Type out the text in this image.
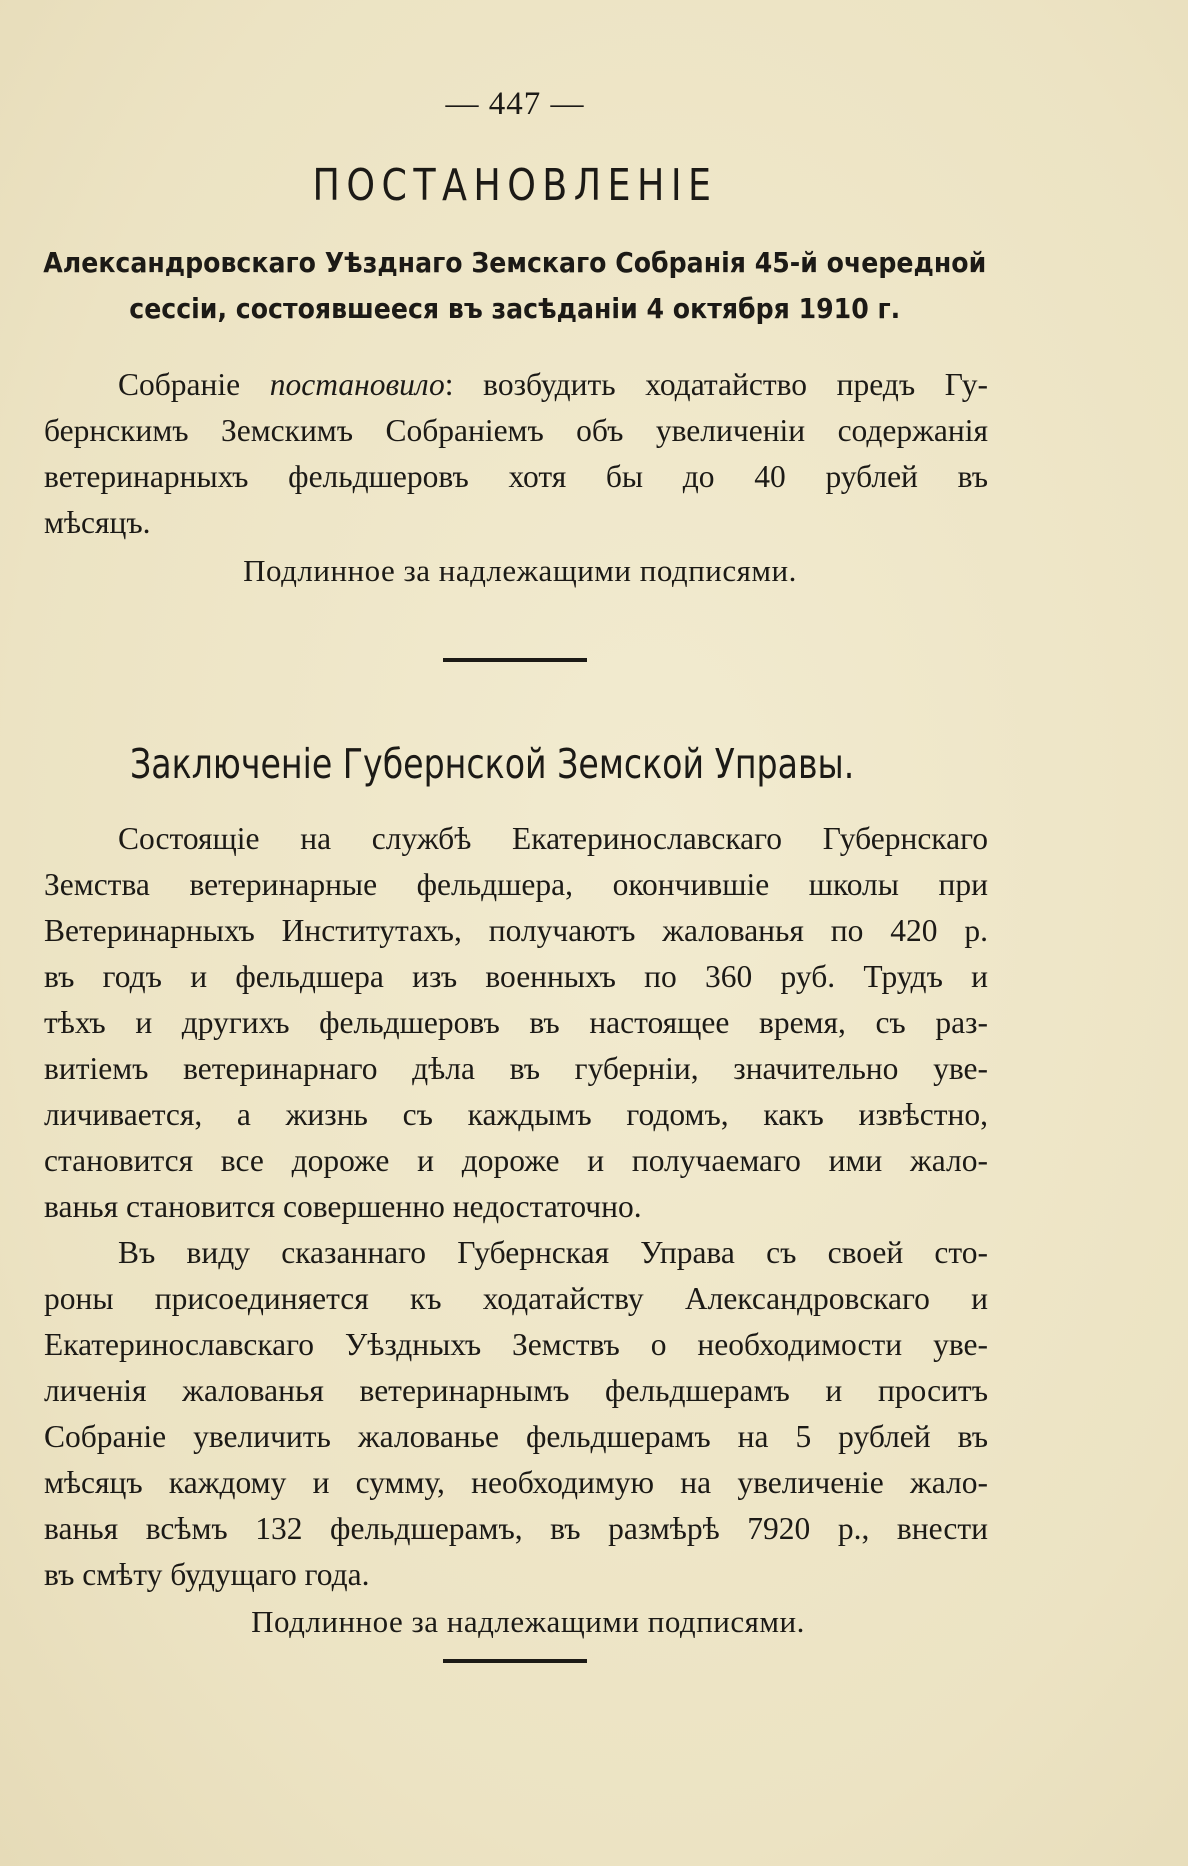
— 447 —
ПОСТАНОВЛЕНІЕ
Александровскаго Уѣзднаго Земскаго Собранія 45-й очередной
сессіи, состоявшееся въ засѣданіи 4 октября 1910 г.
Собраніе постановило: возбудить ходатайство предъ Гу-
бернскимъ Земскимъ Собраніемъ объ увеличеніи содержанія
ветеринарныхъ фельдшеровъ хотя бы до 40 рублей въ
мѣсяцъ.
Подлинное за надлежащими подписями.
Заключеніе Губернской Земской Управы.
Состоящіе на службѣ Екатеринославскаго Губернскаго
Земства ветеринарные фельдшера, окончившіе школы при
Ветеринарныхъ Институтахъ, получаютъ жалованья по 420 р.
въ годъ и фельдшера изъ военныхъ по 360 руб. Трудъ и
тѣхъ и другихъ фельдшеровъ въ настоящее время, съ раз-
витіемъ ветеринарнаго дѣла въ губерніи, значительно уве-
личивается, а жизнь съ каждымъ годомъ, какъ извѣстно,
становится все дороже и дороже и получаемаго ими жало-
ванья становится совершенно недостаточно.
Въ виду сказаннаго Губернская Управа съ своей сто-
роны присоединяется къ ходатайству Александровскаго и
Екатеринославскаго Уѣздныхъ Земствъ о необходимости уве-
личенія жалованья ветеринарнымъ фельдшерамъ и проситъ
Собраніе увеличить жалованье фельдшерамъ на 5 рублей въ
мѣсяцъ каждому и сумму, необходимую на увеличеніе жало-
ванья всѣмъ 132 фельдшерамъ, въ размѣрѣ 7920 р., внести
въ смѣту будущаго года.
Подлинное за надлежащими подписями.
